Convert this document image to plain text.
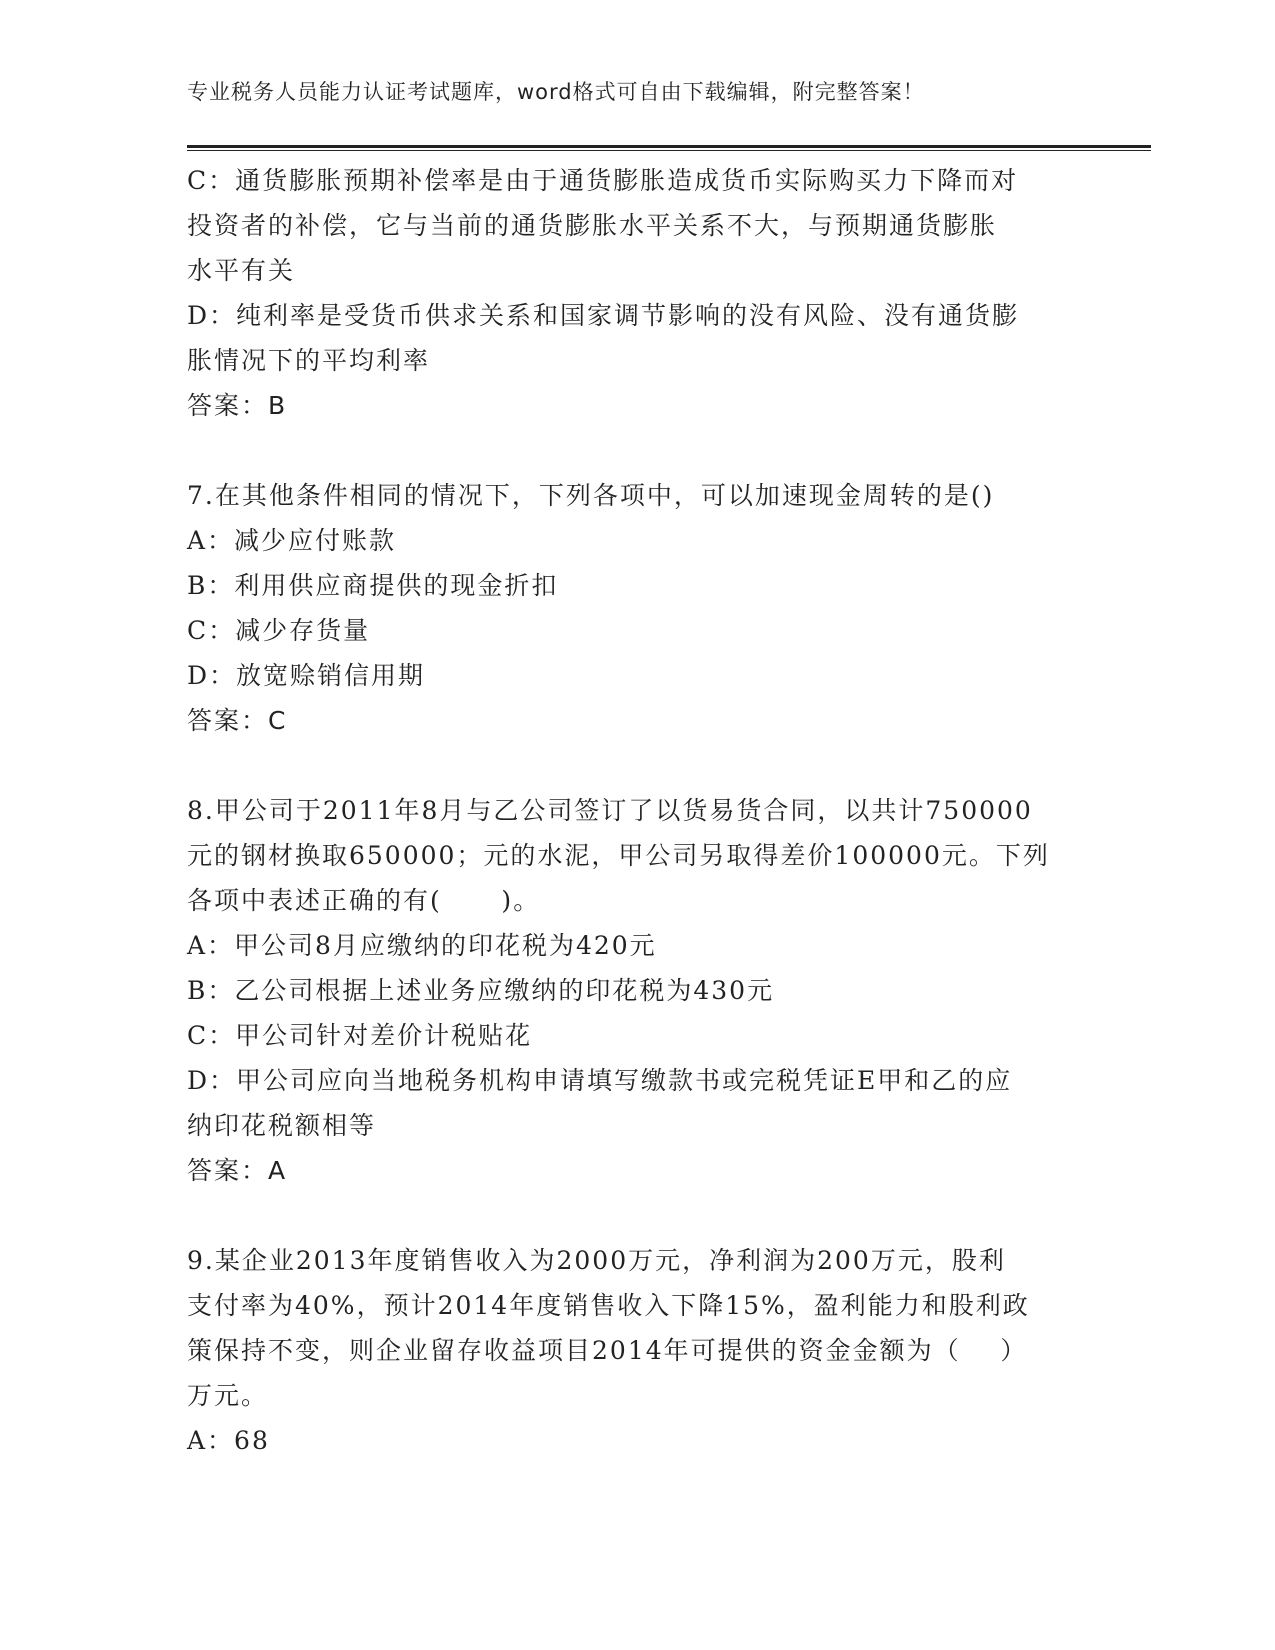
专业税务人员能力认证考试题库，word格式可自由下载编辑，附完整答案！
C：通货膨胀预期补偿率是由于通货膨胀造成货币实际购买力下降而对
投资者的补偿，它与当前的通货膨胀水平关系不大，与预期通货膨胀
水平有关
D：纯利率是受货币供求关系和国家调节影响的没有风险、没有通货膨
胀情况下的平均利率
答案：B
7.在其他条件相同的情况下，下列各项中，可以加速现金周转的是()
A：减少应付账款
B：利用供应商提供的现金折扣
C：减少存货量
D：放宽赊销信用期
答案：C
8.甲公司于2011年8月与乙公司签订了以货易货合同，以共计750000
元的钢材换取650000；元的水泥，甲公司另取得差价100000元。下列
各项中表述正确的有(      )。
A：甲公司8月应缴纳的印花税为420元
B：乙公司根据上述业务应缴纳的印花税为430元
C：甲公司针对差价计税贴花
D：甲公司应向当地税务机构申请填写缴款书或完税凭证E甲和乙的应
纳印花税额相等
答案：A
9.某企业2013年度销售收入为2000万元，净利润为200万元，股利
支付率为40%，预计2014年度销售收入下降15%，盈利能力和股利政
策保持不变，则企业留存收益项目2014年可提供的资金金额为（    ）
万元。
A：68
